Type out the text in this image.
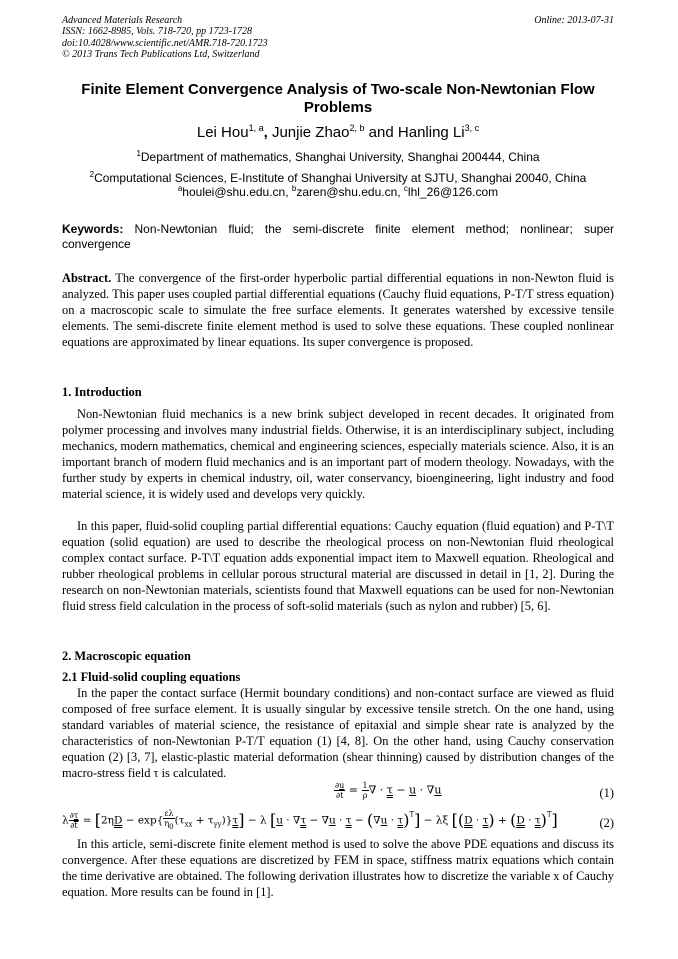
Advanced Materials Research
ISSN: 1662-8985, Vols. 718-720, pp 1723-1728
doi:10.4028/www.scientific.net/AMR.718-720.1723
© 2013 Trans Tech Publications Ltd, Switzerland
Online: 2013-07-31
Finite Element Convergence Analysis of Two-scale Non-Newtonian Flow Problems
Lei Hou$^{1, a}$, Junjie Zhao$^{2, b}$ and Hanling Li$^{3, c}$
$^1$Department of mathematics, Shanghai University, Shanghai 200444, China
$^2$Computational Sciences, E-Institute of Shanghai University at SJTU, Shanghai 20040, China
$^a$houlei@shu.edu.cn, $^b$zaren@shu.edu.cn, $^c$lhl_26@126.com
Keywords: Non-Newtonian fluid; the semi-discrete finite element method; nonlinear; super convergence
Abstract. The convergence of the first-order hyperbolic partial differential equations in non-Newton fluid is analyzed. This paper uses coupled partial differential equations (Cauchy fluid equations, P-T/T stress equation) on a macroscopic scale to simulate the free surface elements. It generates watershed by excessive tensile elements. The semi-discrete finite element method is used to solve these equations. These coupled nonlinear equations are approximated by linear equations. Its super convergence is proposed.
1. Introduction
Non-Newtonian fluid mechanics is a new brink subject developed in recent decades. It originated from polymer processing and involves many industrial fields. Otherwise, it is an interdisciplinary subject, including mechanics, modern mathematics, chemical and engineering sciences, especially materials science. Also, it is an important branch of modern fluid mechanics and is an important part of modern theology. Nowadays, with the further study by experts in chemical industry, oil, water conservancy, bioengineering, light industry and food material science, it is widely used and develops very quickly.
In this paper, fluid-solid coupling partial differential equations: Cauchy equation (fluid equation) and P-T\T equation (solid equation) are used to describe the rheological process on non-Newtonian fluid rheological complex contact surface. P-T\T equation adds exponential impact item to Maxwell equation. Rheological and rubber rheological problems in cellular porous structural material are discussed in detail in [1, 2]. During the research on non-Newtonian materials, scientists found that Maxwell equations can be used for non-Newtonian fluid stress field calculation in the process of soft-solid materials (such as nylon and rubber) [5, 6].
2. Macroscopic equation
2.1 Fluid-solid coupling equations
In the paper the contact surface (Hermit boundary conditions) and non-contact surface are viewed as fluid composed of free surface element. It is usually singular by excessive tensile stretch. On the one hand, using standard variables of material science, the resistance of epitaxial and simple shear rate is analyzed by the characteristics of non-Newtonian P-T/T equation (1) [4, 8]. On the other hand, using Cauchy conservation equation (2) [3, 7], elastic-plastic material deformation (shear thinning) caused by distribution changes of the macro-stress field τ is calculated.
$\frac{\partial u}{\partial t} = \frac{1}{\rho}$ ∇ · τ − u · ∇u	(1)
λ $\frac{\partial\tau}{\partial t} = [2\eta D - \exp\{ \frac{\varepsilon\lambda}{\eta 0} (\tau_{xx} + \tau_{yy})\}\tau] - \lambda$ $[u \cdot \nabla\tau - \nabla u \cdot \tau - (\nabla u \cdot \tau)^T] - \lambda\xi$ $[(D \cdot \tau) + (D \cdot \tau)^T]$	(2)
In this article, semi-discrete finite element method is used to solve the above PDE equations and discuss its convergence. After these equations are discretized by FEM in space, stiffness matrix equations which contain the time derivative are obtained. The following derivation illustrates how to discretize the variable x of Cauchy equation. More results can be found in [1].
